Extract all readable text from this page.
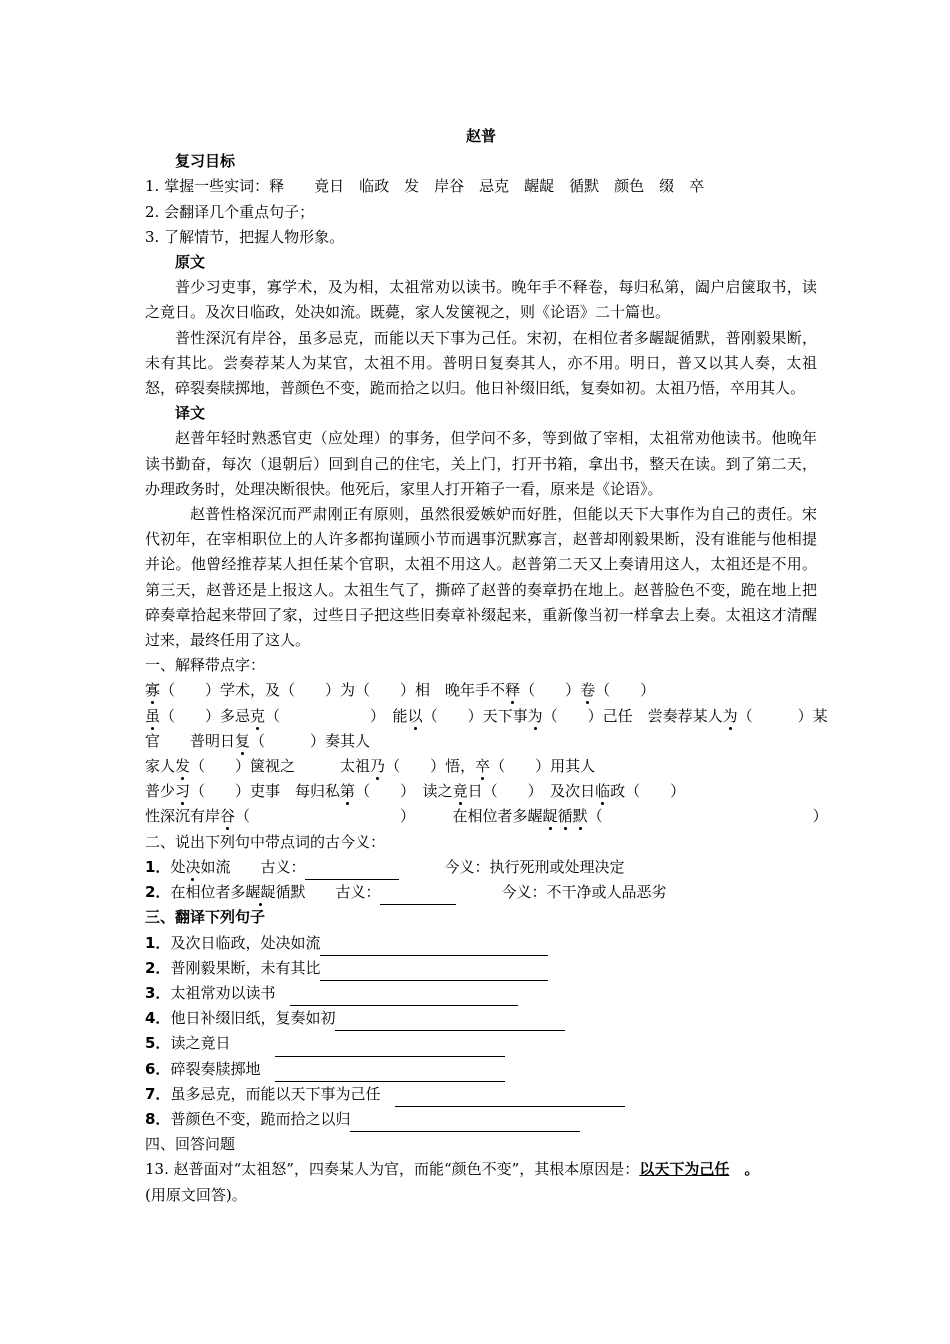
赵普
复习目标
1. 掌握一些实词：释　　竟日　临政　发　岸谷　忌克　龌龊　循默　颜色　缀　卒
2. 会翻译几个重点句子；
3. 了解情节，把握人物形象。
原文
普少习吏事，寡学术，及为相，太祖常劝以读书。晚年手不释卷，每归私第，阖户启箧取书，读之竟日。及次日临政，处决如流。既薨，家人发箧视之，则《论语》二十篇也。
普性深沉有岸谷，虽多忌克，而能以天下事为己任。宋初，在相位者多龌龊循默，普刚毅果断，未有其比。尝奏荐某人为某官，太祖不用。普明日复奏其人，亦不用。明日，普又以其人奏，太祖怒，碎裂奏牍掷地，普颜色不变，跪而拾之以归。他日补缀旧纸，复奏如初。太祖乃悟，卒用其人。
译文
赵普年轻时熟悉官吏（应处理）的事务，但学问不多，等到做了宰相，太祖常劝他读书。他晚年读书勤奋，每次（退朝后）回到自己的住宅，关上门，打开书箱，拿出书，整天在读。到了第二天，办理政务时，处理决断很快。他死后，家里人打开箱子一看，原来是《论语》。
赵普性格深沉而严肃刚正有原则，虽然很爱嫉妒而好胜，但能以天下大事作为自己的责任。宋代初年，在宰相职位上的人许多都拘谨顾小节而遇事沉默寡言，赵普却刚毅果断，没有谁能与他相提并论。他曾经推荐某人担任某个官职，太祖不用这人。赵普第二天又上奏请用这人，太祖还是不用。第三天，赵普还是上报这人。太祖生气了，撕碎了赵普的奏章扔在地上。赵普脸色不变，跪在地上把碎奏章拾起来带回了家，过些日子把这些旧奏章补缀起来，重新像当初一样拿去上奏。太祖这才清醒过来，最终任用了这人。
一、解释带点字：
寡（　　）学术，及（　　）为（　　）相　晚年手不释（　　）卷（　　）
虽（　　）多忌克（　　　　　　）　能以（　　）天下事为（　　）己任　尝奏荐某人为（　　　）某
官　　普明日复（　　　）奏其人
家人发（　　）箧视之　　　太祖乃（　　）悟，卒（　　）用其人
普少习（　　）吏事　每归私第（　　）　读之竟日（　　）　及次日临政（　　）
性深沉有岸谷（　　　　　　　　　　）　　　在相位者多龌龊循默（　　　　　　　　　　　　　　）
二、说出下列句中带点词的古今义：
1．处决如流　　古义：	　　　今义：执行死刑或处理决定
2．在相位者多龌龊循默　　古义：	　　　今义：不干净或人品恶劣
三、翻译下列句子
1．及次日临政，处决如流
2．普刚毅果断，未有其比
3．太祖常劝以读书　
4．他日补缀旧纸，复奏如初
5．读之竟日　　　
6．碎裂奏牍掷地　
7．虽多忌克，而能以天下事为己任　
8．普颜色不变，跪而拾之以归
四、回答问题
13. 赵普面对“太祖怒”，四奏某人为官，而能“颜色不变”，其根本原因是：以天下为己任　。
(用原文回答)。
